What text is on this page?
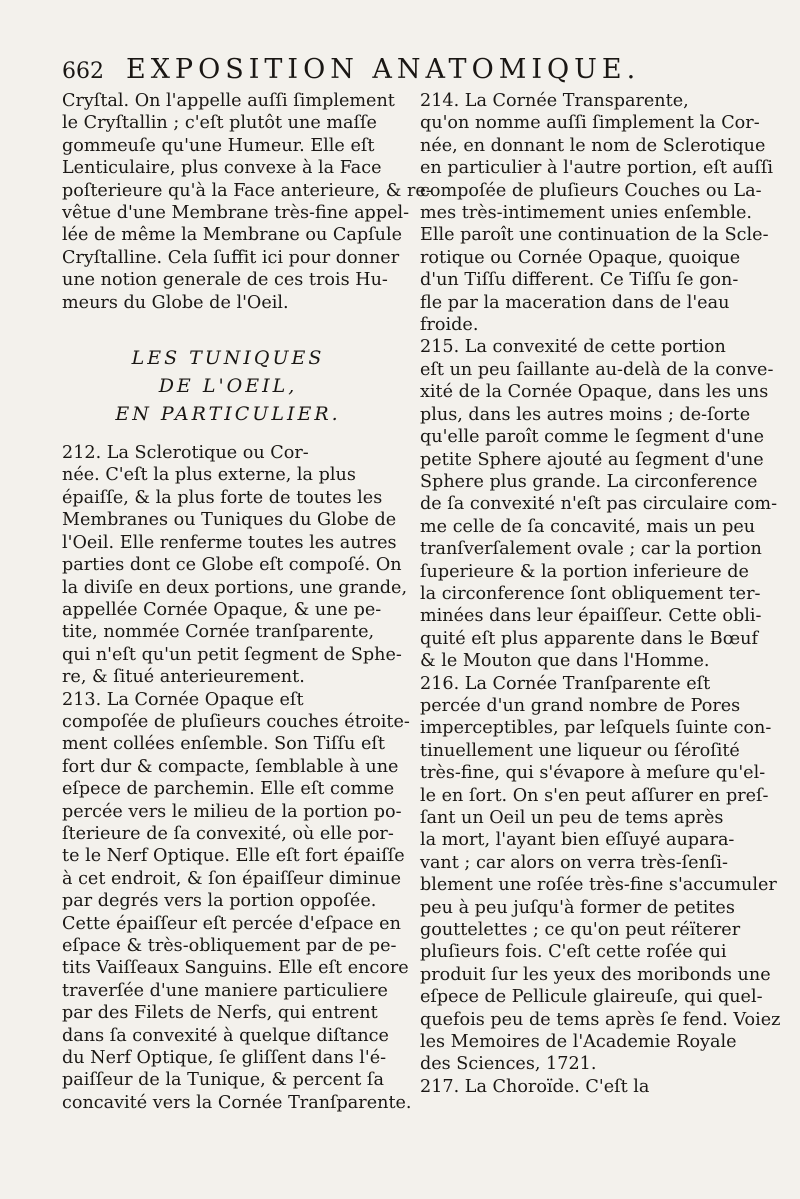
662 EXPOSITION ANATOMIQUE.

Cryſtal. On l'appelle auſſi ſimplement
le Cryſtallin ; c'eſt plutôt une maſſe
gommeuſe qu'une Humeur. Elle eſt
Lenticulaire, plus convexe à la Face
poſterieure qu'à la Face anterieure, & re-
vêtue d'une Membrane très-fine appel-
lée de même la Membrane ou Capſule
Cryſtalline. Cela ſuffit ici pour donner
une notion generale de ces trois Hu-
meurs du Globe de l'Oeil.

LES TUNIQUES
DE L'OEIL,
EN PARTICULIER.

212. La Sclerotique ou Cor-
née. C'eſt la plus externe, la plus
épaiſſe, & la plus forte de toutes les
Membranes ou Tuniques du Globe de
l'Oeil. Elle renferme toutes les autres
parties dont ce Globe eſt compoſé. On
la diviſe en deux portions, une grande,
appellée Cornée Opaque, & une pe-
tite, nommée Cornée tranſparente,
qui n'eſt qu'un petit ſegment de Sphe-
re, & ſitué anterieurement.

213. La Cornée Opaque eſt
compoſée de pluſieurs couches étroite-
ment collées enſemble. Son Tiſſu eſt
fort dur & compacte, ſemblable à une
eſpece de parchemin. Elle eſt comme
percée vers le milieu de la portion po-
ſterieure de ſa convexité, où elle por-
te le Nerf Optique. Elle eſt fort épaiſſe
à cet endroit, & ſon épaiſſeur diminue
par degrés vers la portion oppoſée.
Cette épaiſſeur eſt percée d'eſpace en
eſpace & très-obliquement par de pe-
tits Vaiſſeaux Sanguins. Elle eſt encore
traverſée d'une maniere particuliere
par des Filets de Nerfs, qui entrent
dans ſa convexité à quelque diſtance
du Nerf Optique, ſe gliſſent dans l'é-
paiſſeur de la Tunique, & percent ſa
concavité vers la Cornée Tranſparente.

214. La Cornée Transparente,
qu'on nomme auſſi ſimplement la Cor-
née, en donnant le nom de Sclerotique
en particulier à l'autre portion, eſt auſſi
compoſée de pluſieurs Couches ou La-
mes très-intimement unies enſemble.
Elle paroît une continuation de la Scle-
rotique ou Cornée Opaque, quoique
d'un Tiſſu different. Ce Tiſſu ſe gon-
fle par la maceration dans de l'eau
froide.

215. La convexité de cette portion
eſt un peu ſaillante au-delà de la conve-
xité de la Cornée Opaque, dans les uns
plus, dans les autres moins ; de-ſorte
qu'elle paroît comme le ſegment d'une
petite Sphere ajouté au ſegment d'une
Sphere plus grande. La circonference
de ſa convexité n'eſt pas circulaire com-
me celle de ſa concavité, mais un peu
tranſverſalement ovale ; car la portion
ſuperieure & la portion inferieure de
la circonference ſont obliquement ter-
minées dans leur épaiſſeur. Cette obli-
quité eſt plus apparente dans le Bœuf
& le Mouton que dans l'Homme.

216. La Cornée Tranſparente eſt
percée d'un grand nombre de Pores
imperceptibles, par leſquels ſuinte con-
tinuellement une liqueur ou ſéroſité
très-fine, qui s'évapore à meſure qu'el-
le en ſort. On s'en peut aſſurer en preſ-
ſant un Oeil un peu de tems après
la mort, l'ayant bien eſſuyé aupara-
vant ; car alors on verra très-ſenſi-
blement une roſée très-fine s'accumuler
peu à peu juſqu'à former de petites
gouttelettes ; ce qu'on peut réïterer
pluſieurs fois. C'eſt cette roſée qui
produit ſur les yeux des moribonds une
eſpece de Pellicule glaireuſe, qui quel-
quefois peu de tems après ſe fend. Voiez
les Memoires de l'Academie Royale
des Sciences, 1721.

217. La Choroïde. C'eſt la
